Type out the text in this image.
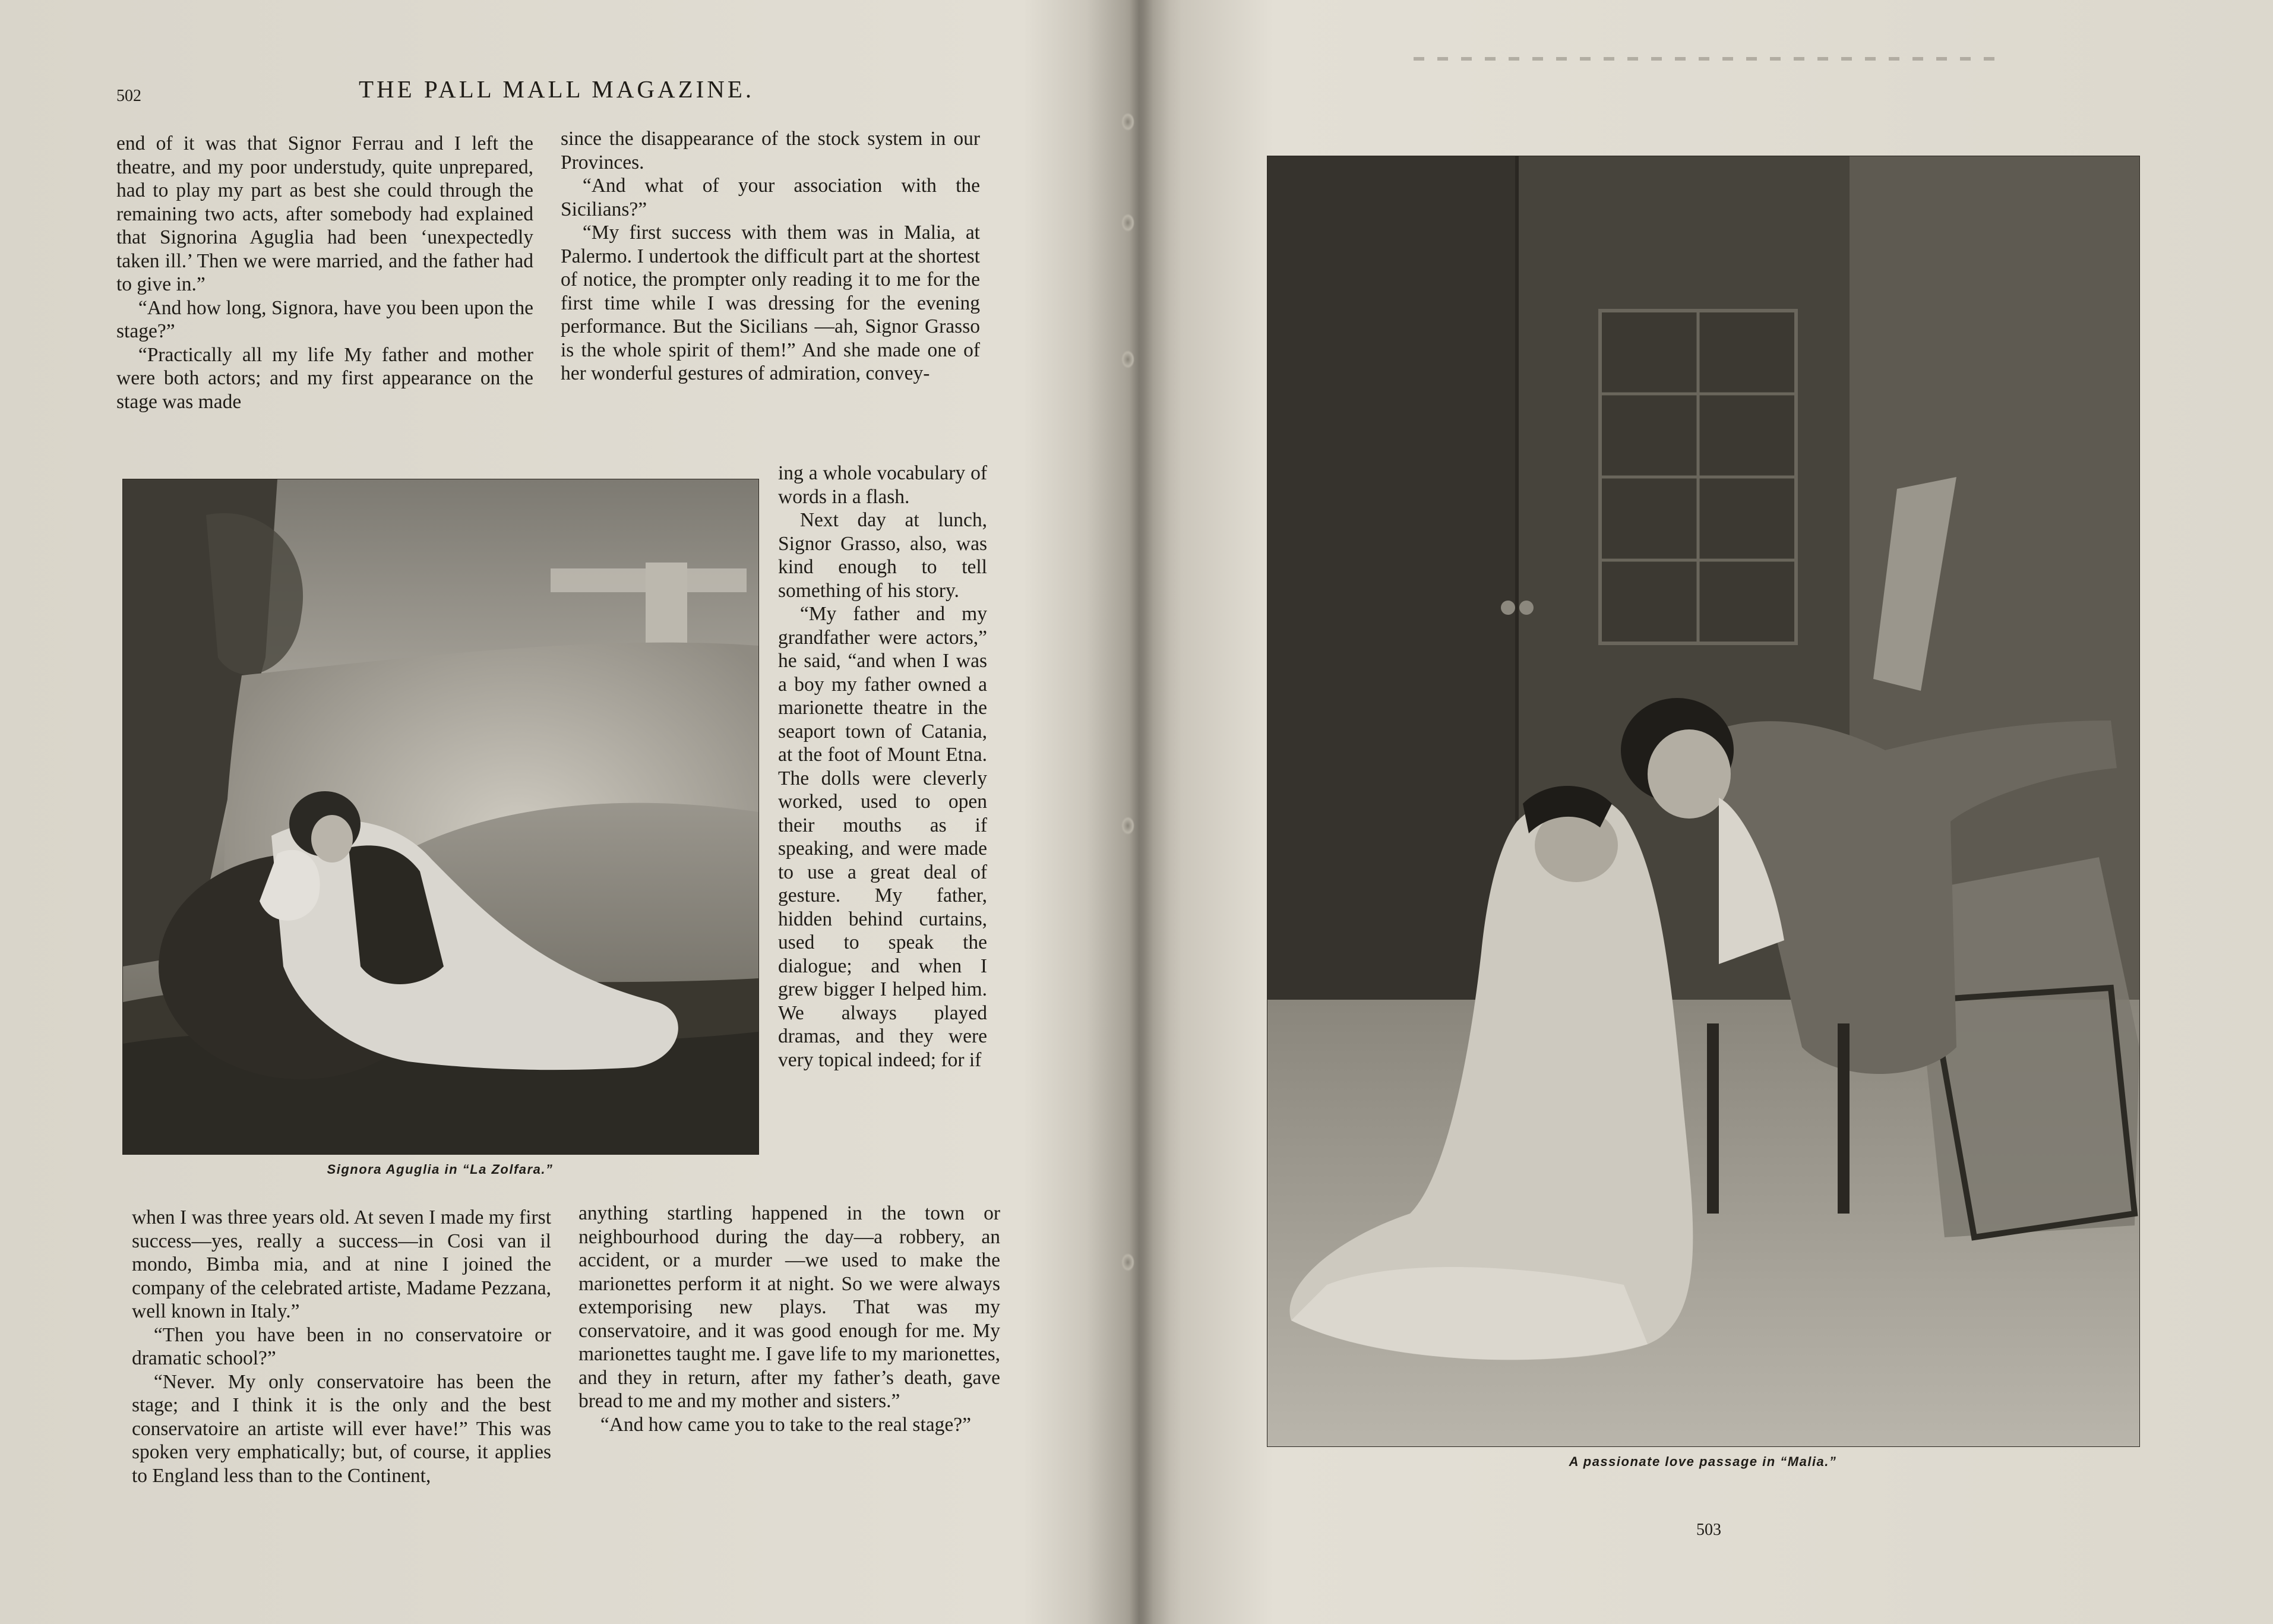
502	THE PALL MALL MAGAZINE.

end of it was that Signor Ferrau and I left the theatre, and my poor understudy, quite unprepared, had to play my part as best she could through the remaining two acts, after somebody had explained that Signorina Aguglia had been ‘unexpectedly taken ill.’ Then we were married, and the father had to give in.”

“And how long, Signora, have you been upon the stage?”

“Practically all my life My father and mother were both actors; and my first appearance on the stage was made

since the disappearance of the stock system in our Provinces.

“And what of your association with the Sicilians?”

“My first success with them was in Malia, at Palermo. I undertook the difficult part at the shortest of notice, the prompter only reading it to me for the first time while I was dressing for the evening performance. But the Sicilians —ah, Signor Grasso is the whole spirit of them!” And she made one of her wonderful gestures of admiration, convey-

ing a whole vocabulary of words in a flash.

Next day at lunch, Signor Grasso, also, was kind enough to tell something of his story.

“My father and my grandfather were actors,” he said, “and when I was a boy my father owned a marionette theatre in the seaport town of Catania, at the foot of Mount Etna. The dolls were cleverly worked, used to open their mouths as if speaking, and were made to use a great deal of gesture. My father, hidden behind curtains, used to speak the dialogue; and when I grew bigger I helped him. We always played dramas, and they were very topical indeed; for if

Signora Aguglia in “La Zolfara.”

when I was three years old. At seven I made my first success—yes, really a success—in Cosi van il mondo, Bimba mia, and at nine I joined the company of the celebrated artiste, Madame Pezzana, well known in Italy.”

“Then you have been in no conservatoire or dramatic school?”

“Never. My only conservatoire has been the stage; and I think it is the only and the best conservatoire an artiste will ever have!” This was spoken very emphatically; but, of course, it applies to England less than to the Continent,

anything startling happened in the town or neighbourhood during the day—a robbery, an accident, or a murder —we used to make the marionettes perform it at night. So we were always extemporising new plays. That was my conservatoire, and it was good enough for me. My marionettes taught me. I gave life to my marionettes, and they in return, after my father’s death, gave bread to me and my mother and sisters.”

“And how came you to take to the real stage?”

A passionate love passage in “Malia.”
503
